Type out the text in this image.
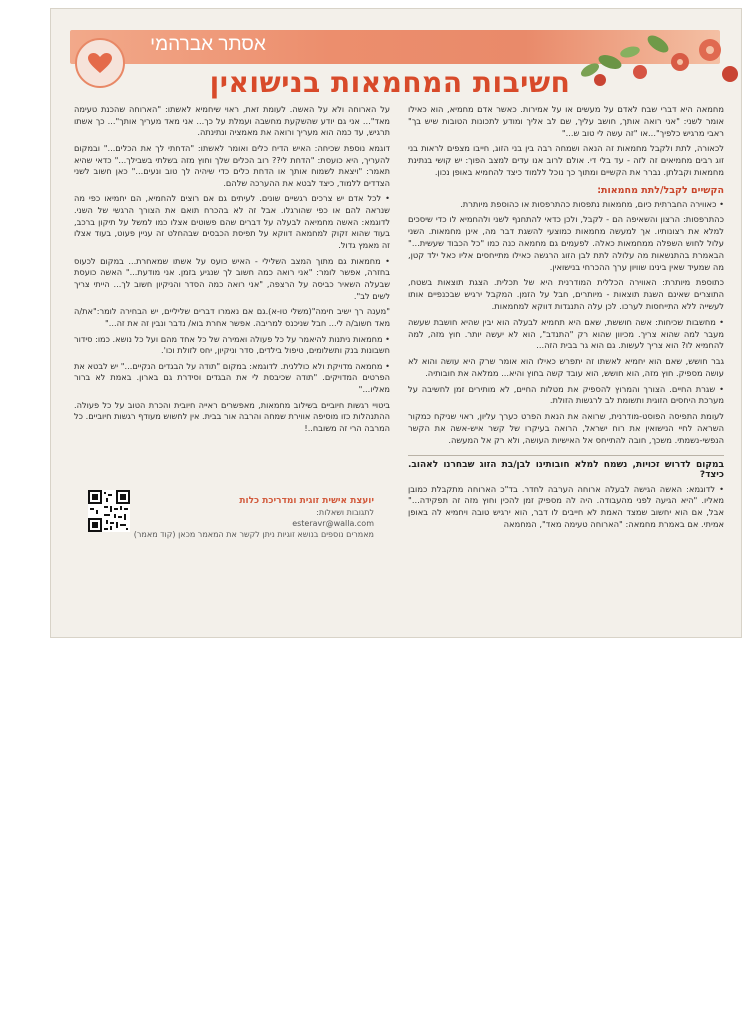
אסתר אברהמי
חשיבות המחמאות בנישואין

מחמאה היא דברי שבח לאדם על מעשים או על אמירות. כאשר אדם מחמיא, הוא כאילו אומר לשני: "אני רואה אותך, חושב עליך, שם לב אליך ומודע לתכונות הטובות שיש בך" ראבי מרגיש כלפיך"...או "זה עשה לי טוב ש..."

לכאורה, לתת ולקבל מחמאות זה הנאה ושמחה רבה בין בני הזוג, חייבו מצפים לראות בני זוג רבים מחמיאים זה לזה - עד בלי די. אולם לרוב אנו עדים למצב הפוך: יש קושי בנתינת מחמאות וקבלתן. נברר את הקשיים ומתוך כך נוכל ללמוד כיצד להחמיא באופן נכון.

הקשיים לקבל/לתת מחמאות:

• כאווירה החברתית כיום, מחמאות נתפסות כהתרפסות או כהוספת מיותרת.

כהתרפסות: הרצון והשאיפה הם - לקבל, ולכן כדאי להתחנף לשני ולהחמיא לו כדי שיסכים למלא את רצונותיו. אך למעשה מחמאות כמוצעי להשגת דבר מה, אינן מחמאות. השני עלול לחוש השפלה ממחמאות כאלה. לפעמים גם מחמאה כנה כמו "כל הכבוד שעשית..." הבאמרת בהתנשאות מה עלולה לתת לבן הזוג הרגשה כאילו מתייחסים אליו כאל ילד קטן, מה שמעיד שאין בינינו שוויון ערך ההכרחי בנישואין.

כתוספת מיותרת: האווירה הכללית המודרנית היא של תכלית. הצגת תוצאות בשטח, התוצרים שאינם השגת תוצאות - מיותרים, חבל על הזמן. המקבל ירגיש שבכנפיים אותו לעשייה ללא התייחסות לערכו. לכן עלה התנגדות דווקא למחמאות.

• מחשבות שכיחות: אשה חוששת, שאם היא תחמיא לבעלה הוא יבין שהיא חושבת שעשה מעבר למה שהוא צריך. מכיוון שהוא רק "התנדב", הוא לא יעשה יותר. חוץ מזה, למה להחמיא לו? הוא צריך לעשות. גם הוא גר בבית הזה...

גבר חושש, שאם הוא יחמיא לאשתו זה יתפרש כאילו הוא אומר שרק היא עושה והוא לא עושה מספיק. חוץ מזה, הוא חושש, הוא עובד קשה בחוץ והיא... ממלאה את חובותיה.

• שגרת החיים. הצורך והמרוץ להספיק את מטלות החיים, לא מותירים זמן לחשיבה על מערכת היחסים הזוגית ותשומת לב לרגשות הזולת.

לעומת התפיסה הפוסט-מודרנית, שרואה את הנאת הפרט כערך עליון, ראוי שניקח כמקור השראה לחיי הנישואין את רוח ישראל, הרואה בעיקרו של קשר איש-אשה את הקשר הנפשי-נשמתי. משכך, חובה להתייחס אל האישיות העושה, ולא רק אל המעשה.

במקום לדרוש זכויות, נשמח למלא חובותינו לבן/בת הזוג שבחרנו לאהוב. כיצד?

• לדוגמא: האשה הגישה לבעלה ארוחה הערבה לחדר. בד"כ הארוחה מתקבלת כמובן מאליו. "היא הגיעה לפני מהעבודה. היה לה מספיק זמן להכין וחוץ מזה זה תפקידה..." אבל, אם הוא יחשוב שמצד האמת לא חייבים לו דבר, הוא ירגיש טובה ויחמיא לה באופן אמיתי. אם באמרת מחמאה: "הארוחה טעימה מאד", המחמאה

על הארוחה ולא על האשה. לעומת זאת, ראוי שיחמיא לאשתו: "הארוחה שהכנת טעימה מאד"... אני גם יודע שהשקעת מחשבה ועמלת על כך... אני מאד מעריך אותך"... כך אשתו תרגיש, עד כמה הוא מעריך ורואה את מאמציה ונתינתה.

דוגמא נוספת שכיחה: האיש הדיח כלים ואומר לאשתו: "הדחתי לך את הכלים..." ובמקום להעריך, היא כועסת: "הדחת לי?? רוב הכלים שלך וחוץ מזה בשלתי בשבילך..." כדאי שהיא תאמר: "ויצאת לשמוח אותך או הדחת כלים כדי שיהיה לך טוב ונעים..." כאן חשוב לשני הצדדים ללמוד, כיצד לבטא את ההערכה שלהם.

• לכל אדם יש צרכים רגשיים שונים. לעיתים גם אם רוצים להחמיא, הם יחמיאו כפי מה שנראה להם או כפי שהורגלו. אבל זה לא בהכרח תואם את הצורך הרגשי של השני. לדוגמא: האשה מחמיאה לבעלה על דברים שהם פשוטים אצלו כמו למשל על תיקון ברכב, בעוד שהוא זקוק למחמאה דווקא על תפיסת הכבסים שבהחלט זה עניין פעוט, בעוד אצלו זה מאמץ גדול.

• מחמאות גם מתוך המצב השלילי - האיש כועס על אשתו שמאחרת... במקום לכעוס בחזרה, אפשר לומר: "אני רואה כמה חשוב לך שנגיע בזמן. אני מודעת..." האשה כועסת שבעלה השאיר כביסה על הרצפה, "אני רואה כמה הסדר והניקיון חשוב לך... הייתי צריך לשים לב".

"מענה רך ישיב חימה"(משלי טו-א).גם אם נאמרו דברים שליליים, יש הבחירה לומר:"את/ה מאד חשוב/ה לי... חבל שניכנס למריבה. אפשר אחרת בוא/ נדבר ונבין זה את זה..."

• מחמאות ניתנות להיאמר על כל פעולה ואמירה של כל אחד מהם ועל כל נושא. כמו: סידור חשבונות בנק ותשלומים, טיפול בילדים, סדר וניקיון, יחס לזולת וכו'.

• מחמאה מדויקת ולא כוללנית. לדוגמא: במקום "תודה על הבגדים הנקיים..." יש לבטא את הפרטים המדויקים. "תודה שכיבסת לי את הבגדים וסידרת גם בארון. באמת לא ברור מאליו..."

ביטויי רגשות חיוביים בשילוב מחמאות, מאפשרים ראייה חיובית והכרת הטוב על כל פעולה. ההתנהלות כזו מוסיפה אווירת שמחה והרבה אור בבית. אין לחשוש מעודף רגשות חיוביים. כל המרבה הרי זה משובח..!

יועצת אישית זוגית ומדריכת כלות
לתגובות ושאלות:
esteravr@walla.com
מאמרים נוספים בנושא זוגיות ניתן לקשר את המאמר מכאן (קוד מאמר)
